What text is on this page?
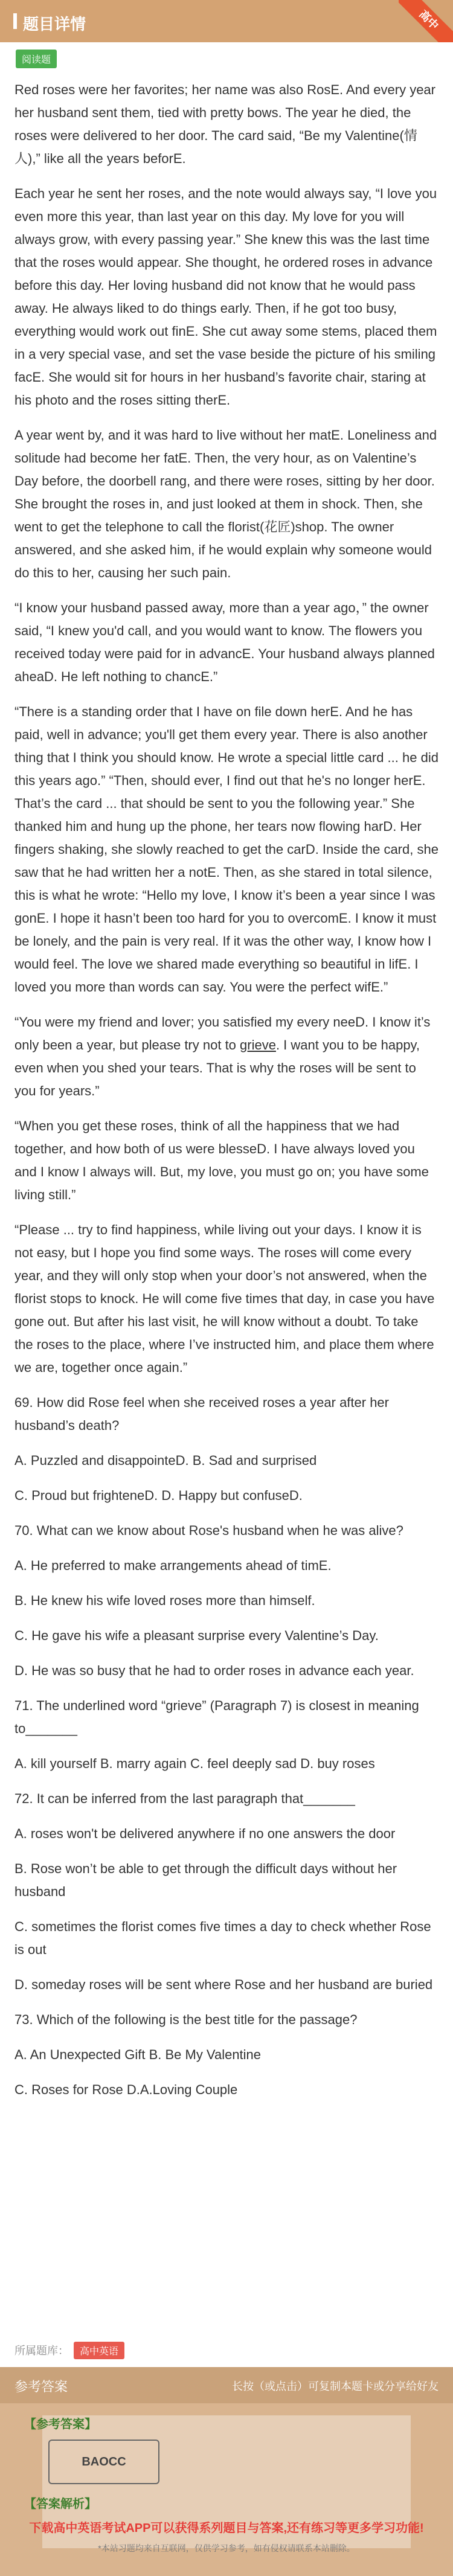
题目详情	高中
阅读题

Red roses were her favorites; her name was also RosE. And every year her husband sent them, tied with pretty bows. The year he died, the roses were delivered to her door. The card said, “Be my Valentine(情人),” like all the years beforE.

Each year he sent her roses, and the note would always say, “I love you even more this year, than last year on this day. My love for you will always grow, with every passing year.” She knew this was the last time that the roses would appear. She thought, he ordered roses in advance before this day. Her loving husband did not know that he would pass away. He always liked to do things early. Then, if he got too busy, everything would work out finE. She cut away some stems, placed them in a very special vase, and set the vase beside the picture of his smiling facE. She would sit for hours in her husband’s favorite chair, staring at his photo and the roses sitting therE.

A year went by, and it was hard to live without her matE. Loneliness and solitude had become her fatE. Then, the very hour, as on Valentine’s Day before, the doorbell rang, and there were roses, sitting by her door. She brought the roses in, and just looked at them in shock. Then, she went to get the telephone to call the florist(花匠)shop. The owner answered, and she asked him, if he would explain why someone would do this to her, causing her such pain.

“I know your husband passed away, more than a year ago，” the owner said, “I knew you'd call, and you would want to know. The flowers you received today were paid for in advancE. Your husband always planned aheaD. He left nothing to chancE.”

“There is a standing order that I have on file down herE. And he has paid, well in advance; you'll get them every year. There is also another thing that I think you should know. He wrote a special little card ... he did this years ago.” “Then, should ever, I find out that he's no longer herE. That’s the card ... that should be sent to you the following year.” She thanked him and hung up the phone, her tears now flowing harD. Her fingers shaking, she slowly reached to get the carD. Inside the card, she saw that he had written her a notE. Then, as she stared in total silence, this is what he wrote: “Hello my love, I know it’s been a year since I was gonE. I hope it hasn’t been too hard for you to overcomE. I know it must be lonely, and the pain is very real. If it was the other way, I know how I would feel. The love we shared made everything so beautiful in lifE. I loved you more than words can say. You were the perfect wifE.”

“You were my friend and lover; you satisfied my every neeD. I know it’s only been a year, but please try not to grieve. I want you to be happy, even when you shed your tears. That is why the roses will be sent to you for years.”

“When you get these roses, think of all the happiness that we had together, and how both of us were blesseD. I have always loved you and I know I always will. But, my love, you must go on; you have some living still.”

“Please ... try to find happiness, while living out your days. I know it is not easy, but I hope you find some ways. The roses will come every year, and they will only stop when your door’s not answered, when the florist stops to knock. He will come five times that day, in case you have gone out. But after his last visit, he will know without a doubt. To take the roses to the place, where I’ve instructed him, and place them where we are, together once again.”

69. How did Rose feel when she received roses a year after her husband’s death?

A. Puzzled and disappointeD. B. Sad and surprised

C. Proud but frighteneD. D. Happy but confuseD.

70. What can we know about Rose's husband when he was alive?

A. He preferred to make arrangements ahead of timE.

B. He knew his wife loved roses more than himself.

C. He gave his wife a pleasant surprise every Valentine’s Day.

D. He was so busy that he had to order roses in advance each year.

71. The underlined word “grieve” (Paragraph 7) is closest in meaning to_______

A. kill yourself B. marry again C. feel deeply sad D. buy roses

72. It can be inferred from the last paragraph that_______

A. roses won't be delivered anywhere if no one answers the door

B. Rose won’t be able to get through the difficult days without her husband

C. sometimes the florist comes five times a day to check whether Rose is out

D. someday roses will be sent where Rose and her husband are buried

73. Which of the following is the best title for the passage?

A. An Unexpected Gift B. Be My Valentine

C. Roses for Rose D.A.Loving Couple

所属题库： 高中英语
参考答案	长按（或点击）可复制本题卡或分享给好友
【参考答案】
BAOCC
【答案解析】
下载高中英语考试APP可以获得系列题目与答案,还有练习等更多学习功能!
*本站习题均来自互联网，仅供学习参考，如有侵权请联系本站删除。
